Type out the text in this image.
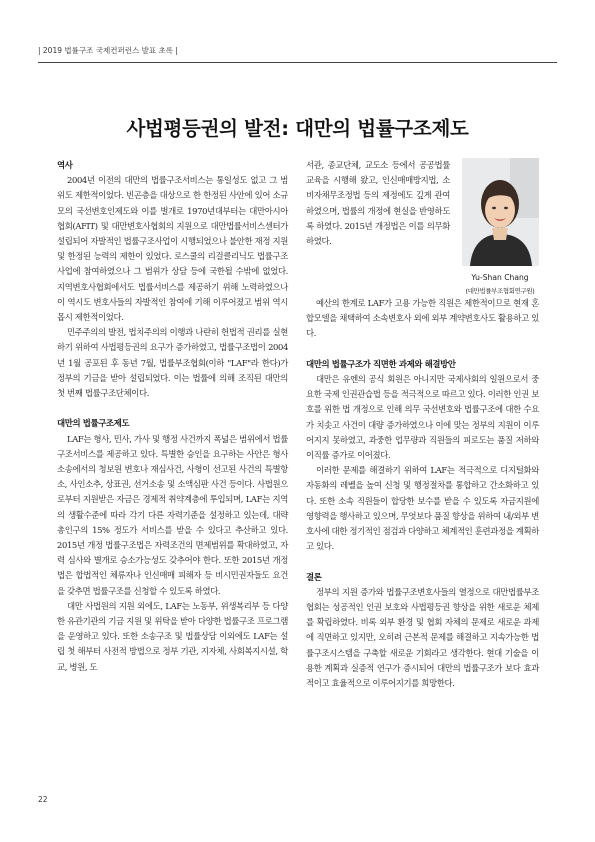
| 2019 법률구조 국제컨퍼런스 발표 초록 |
사법평등권의 발전: 대만의 법률구조제도

역사

2004년 이전의 대만의 법률구조서비스는 통일성도 없고 그 범위도 제한적이었다. 빈곤층을 대상으로 한 한정된 사안에 있어 소규모의 국선변호인제도와 이를 벌개로 1970년대부터는 대만아시아협회(AFIT) 및 대만변호사협회의 지원으로 대만법률서비스센터가 설립되어 자발적인 법률구조사업이 시행되었으나 불안한 재정 지원 및 한정된 능력의 제한이 있었다. 로스쿨의 리걸클리닉도 법률구조사업에 참여하였으나 그 범위가 상담 등에 국한될 수밖에 없었다. 지역변호사협회에서도 법률서비스를 제공하기 위해 노력하였으나 이 역시도 변호사들의 자발적인 참여에 기해 이루어졌고 범위 역시 몹시 제한적이었다.

민주주의의 발전, 법치주의의 이행과 나란히 헌법적 권리를 실현하기 위하여 사법평등권의 요구가 증가하였고, 법률구조법이 2004년 1월 공포된 후 동년 7월, 법률부조협회(이하 "LAF"라 한다)가 정부의 기금을 받아 설립되었다. 이는 법률에 의해 조직된 대만의 첫 번째 법률구조단체이다.

대만의 법률구조제도

LAF는 형사, 민사, 가사 및 행정 사건까지 폭넓은 범위에서 법률구조서비스를 제공하고 있다. 특별한 승인을 요구하는 사안은 형사소송에서의 청보원 변호나 재심사건, 사형이 선고된 사건의 특별항소, 사인소추, 상표권, 선거소송 및 소액심판 사건 등이다. 사법원으로부터 지원받은 자금은 경제적 취약계층에 투입되며, LAF는 지역의 생활수준에 따라 각기 다른 자력기준을 설정하고 있는데, 대략 총인구의 15% 정도가 서비스를 받을 수 있다고 추산하고 있다. 2015년 개정 법률구조법은 자력조건의 면제범위를 확대하였고, 자력 심사와 별개로 승소가능성도 갖추어야 한다. 또한 2015년 개정법은 합법적인 체류자나 인신매매 피해자 등 비시민권자들도 요건을 갖추면 법률구조를 신청할 수 있도록 하였다.

대만 사법원의 지원 외에도, LAF는 노동부, 위생복리부 등 다양한 유관기관의 기금 지원 및 위탁을 받아 다양한 법률구조 프로그램을 운영하고 있다. 또한 소송구조 및 법률상담 이외에도 LAF는 설립 첫 해부터 사전적 방법으로 정부 기관, 지자체, 사회복지시설, 학교, 병원, 도

서관, 종교단체, 교도소 등에서 공공법률교육을 시행해 왔고, 인신매매방지법, 소비자채무조정법 등의 제정에도 깊게 관여하였으며, 법률의 개정에 현실을 반영하도록 하였다. 2015년 개정법은 이를 의무화하였다.

Yu-Shan Chang
(대만법률부조협회연구원)

예산의 한계로 LAF가 고용 가능한 직원은 제한적이므로 현재 혼합모델을 채택하여 소속변호사 외에 외부 계약변호사도 활용하고 있다.

대만의 법률구조가 직면한 과제와 해결방안

대만은 유엔의 공식 회원은 아니지만 국제사회의 일원으로서 중요한 국제 인권관습법 등을 적극적으로 따르고 있다. 이러한 인권 보호를 위한 법 개정으로 인해 의무 국선변호와 법률구조에 대한 수요가 치솟고 사건이 대량 증가하였으나 이에 맞는 정부의 지원이 이루어지지 못하였고, 과중한 업무량과 직원들의 피로도는 품질 저하와 이직률 증가로 이어졌다.

이러한 문제를 해결하기 위하여 LAF는 적극적으로 디지털화와 자동화의 레벨을 높여 신청 및 행정절차를 통합하고 간소화하고 있다. 또한 소속 직원들이 합당한 보수를 받을 수 있도록 자금지원에 영향력을 행사하고 있으며, 무엇보다 품질 향상을 위하여 내/외부 변호사에 대한 정기적인 점검과 다양하고 체계적인 훈련과정을 계획하고 있다.

결론

정부의 지원 증가와 법률구조변호사들의 열정으로 대만법률부조협회는 성공적인 인권 보호와 사법평등권 향상을 위한 새로운 체제를 확립하였다. 비록 외부 환경 및 협회 자체의 문제로 새로운 과제에 직면하고 있지만, 오히려 근본적 문제를 해결하고 지속가능한 법률구조시스템을 구축할 새로운 기회라고 생각한다. 현대 기술을 이용한 계획과 실증적 연구가 증시되어 대만의 법률구조가 보다 효과적이고 효율적으로 이루어지기를 희망한다.

22
